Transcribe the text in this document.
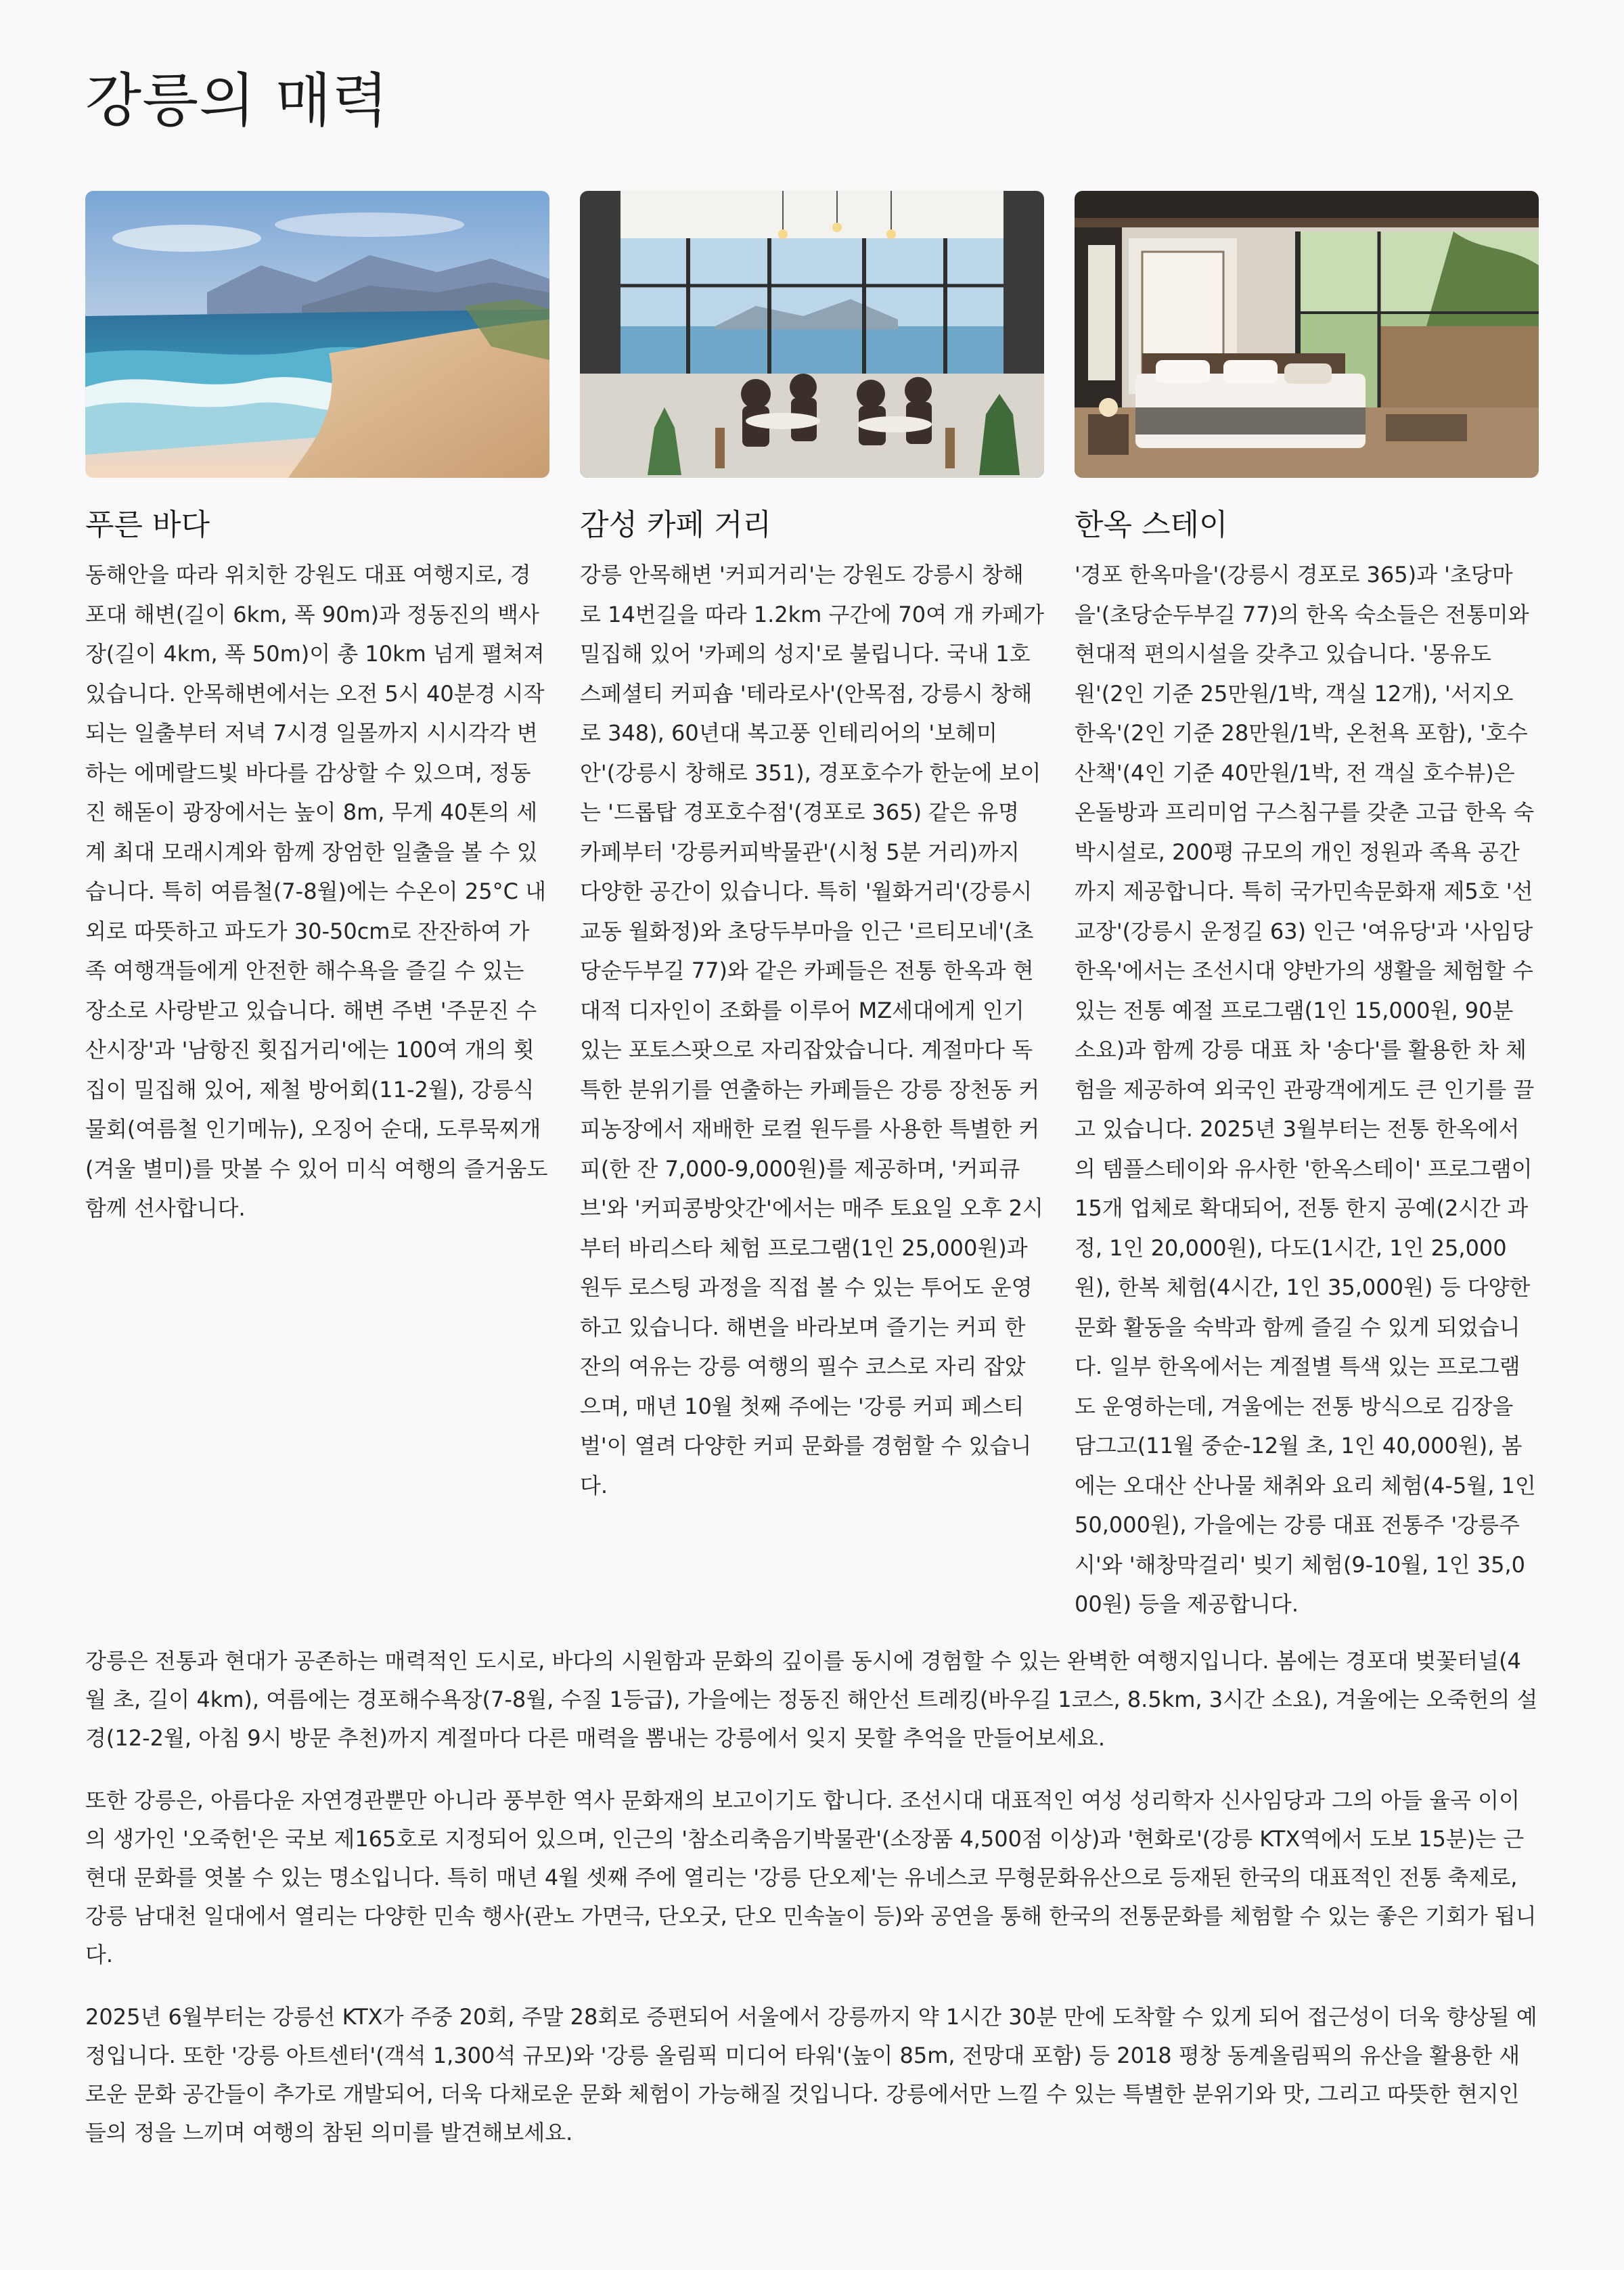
강릉의 매력
푸른 바다

동해안을 따라 위치한 강원도 대표 여행지로, 경포대 해변(길이 6km, 폭 90m)과 정동진의 백사장(길이 4km, 폭 50m)이 총 10km 넘게 펼쳐져 있습니다. 안목해변에서는 오전 5시 40분경 시작되는 일출부터 저녁 7시경 일몰까지 시시각각 변하는 에메랄드빛 바다를 감상할 수 있으며, 정동진 해돋이 광장에서는 높이 8m, 무게 40톤의 세계 최대 모래시계와 함께 장엄한 일출을 볼 수 있습니다. 특히 여름철(7-8월)에는 수온이 25°C 내외로 따뜻하고 파도가 30-50cm로 잔잔하여 가족 여행객들에게 안전한 해수욕을 즐길 수 있는 장소로 사랑받고 있습니다. 해변 주변 '주문진 수산시장'과 '남항진 횟집거리'에는 100여 개의 횟집이 밀집해 있어, 제철 방어회(11-2월), 강릉식 물회(여름철 인기메뉴), 오징어 순대, 도루묵찌개(겨울 별미)를 맛볼 수 있어 미식 여행의 즐거움도 함께 선사합니다.

감성 카페 거리

강릉 안목해변 '커피거리'는 강원도 강릉시 창해로 14번길을 따라 1.2km 구간에 70여 개 카페가 밀집해 있어 '카페의 성지'로 불립니다. 국내 1호 스페셜티 커피숍 '테라로사'(안목점, 강릉시 창해로 348), 60년대 복고풍 인테리어의 '보헤미안'(강릉시 창해로 351), 경포호수가 한눈에 보이는 '드롭탑 경포호수점'(경포로 365) 같은 유명 카페부터 '강릉커피박물관'(시청 5분 거리)까지 다양한 공간이 있습니다. 특히 '월화거리'(강릉시 교동 월화정)와 초당두부마을 인근 '르티모네'(초당순두부길 77)와 같은 카페들은 전통 한옥과 현대적 디자인이 조화를 이루어 MZ세대에게 인기 있는 포토스팟으로 자리잡았습니다. 계절마다 독특한 분위기를 연출하는 카페들은 강릉 장천동 커피농장에서 재배한 로컬 원두를 사용한 특별한 커피(한 잔 7,000-9,000원)를 제공하며, '커피큐브'와 '커피콩방앗간'에서는 매주 토요일 오후 2시부터 바리스타 체험 프로그램(1인 25,000원)과 원두 로스팅 과정을 직접 볼 수 있는 투어도 운영하고 있습니다. 해변을 바라보며 즐기는 커피 한 잔의 여유는 강릉 여행의 필수 코스로 자리 잡았으며, 매년 10월 첫째 주에는 '강릉 커피 페스티벌'이 열려 다양한 커피 문화를 경험할 수 있습니다.

한옥 스테이

'경포 한옥마을'(강릉시 경포로 365)과 '초당마을'(초당순두부길 77)의 한옥 숙소들은 전통미와 현대적 편의시설을 갖추고 있습니다. '몽유도원'(2인 기준 25만원/1박, 객실 12개), '서지오 한옥'(2인 기준 28만원/1박, 온천욕 포함), '호수산책'(4인 기준 40만원/1박, 전 객실 호수뷰)은 온돌방과 프리미엄 구스침구를 갖춘 고급 한옥 숙박시설로, 200평 규모의 개인 정원과 족욕 공간까지 제공합니다. 특히 국가민속문화재 제5호 '선교장'(강릉시 운정길 63) 인근 '여유당'과 '사임당 한옥'에서는 조선시대 양반가의 생활을 체험할 수 있는 전통 예절 프로그램(1인 15,000원, 90분 소요)과 함께 강릉 대표 차 '송다'를 활용한 차 체험을 제공하여 외국인 관광객에게도 큰 인기를 끌고 있습니다. 2025년 3월부터는 전통 한옥에서의 템플스테이와 유사한 '한옥스테이' 프로그램이 15개 업체로 확대되어, 전통 한지 공예(2시간 과정, 1인 20,000원), 다도(1시간, 1인 25,000원), 한복 체험(4시간, 1인 35,000원) 등 다양한 문화 활동을 숙박과 함께 즐길 수 있게 되었습니다. 일부 한옥에서는 계절별 특색 있는 프로그램도 운영하는데, 겨울에는 전통 방식으로 김장을 담그고(11월 중순-12월 초, 1인 40,000원), 봄에는 오대산 산나물 채취와 요리 체험(4-5월, 1인 50,000원), 가을에는 강릉 대표 전통주 '강릉주시'와 '해창막걸리' 빚기 체험(9-10월, 1인 35,000원) 등을 제공합니다.

강릉은 전통과 현대가 공존하는 매력적인 도시로, 바다의 시원함과 문화의 깊이를 동시에 경험할 수 있는 완벽한 여행지입니다. 봄에는 경포대 벚꽃터널(4월 초, 길이 4km), 여름에는 경포해수욕장(7-8월, 수질 1등급), 가을에는 정동진 해안선 트레킹(바우길 1코스, 8.5km, 3시간 소요), 겨울에는 오죽헌의 설경(12-2월, 아침 9시 방문 추천)까지 계절마다 다른 매력을 뽐내는 강릉에서 잊지 못할 추억을 만들어보세요.

또한 강릉은, 아름다운 자연경관뿐만 아니라 풍부한 역사 문화재의 보고이기도 합니다. 조선시대 대표적인 여성 성리학자 신사임당과 그의 아들 율곡 이이의 생가인 '오죽헌'은 국보 제165호로 지정되어 있으며, 인근의 '참소리축음기박물관'(소장품 4,500점 이상)과 '현화로'(강릉 KTX역에서 도보 15분)는 근현대 문화를 엿볼 수 있는 명소입니다. 특히 매년 4월 셋째 주에 열리는 '강릉 단오제'는 유네스코 무형문화유산으로 등재된 한국의 대표적인 전통 축제로, 강릉 남대천 일대에서 열리는 다양한 민속 행사(관노 가면극, 단오굿, 단오 민속놀이 등)와 공연을 통해 한국의 전통문화를 체험할 수 있는 좋은 기회가 됩니다.

2025년 6월부터는 강릉선 KTX가 주중 20회, 주말 28회로 증편되어 서울에서 강릉까지 약 1시간 30분 만에 도착할 수 있게 되어 접근성이 더욱 향상될 예정입니다. 또한 '강릉 아트센터'(객석 1,300석 규모)와 '강릉 올림픽 미디어 타워'(높이 85m, 전망대 포함) 등 2018 평창 동계올림픽의 유산을 활용한 새로운 문화 공간들이 추가로 개발되어, 더욱 다채로운 문화 체험이 가능해질 것입니다. 강릉에서만 느낄 수 있는 특별한 분위기와 맛, 그리고 따뜻한 현지인들의 정을 느끼며 여행의 참된 의미를 발견해보세요.
